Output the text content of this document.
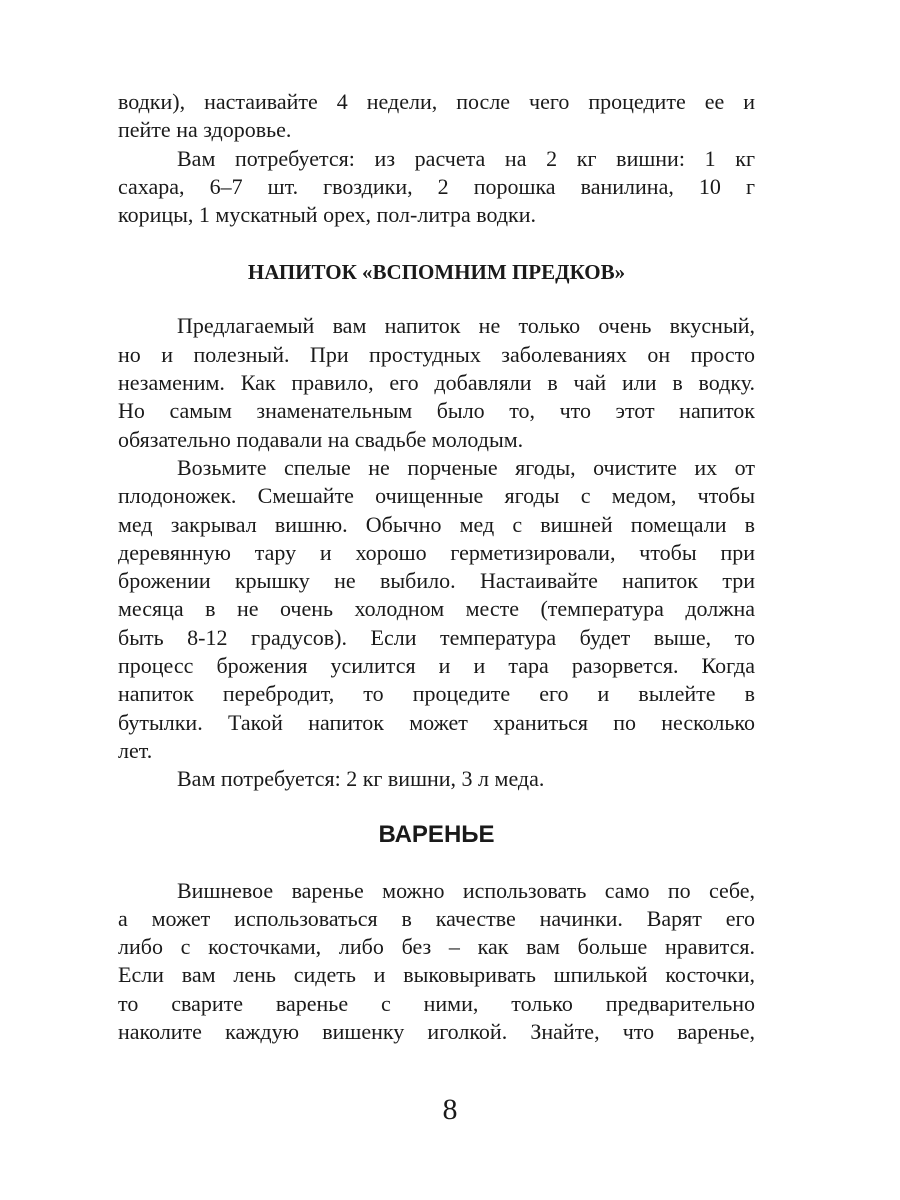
водки), настаивайте 4 недели, после чего процедите ее и
пейте на здоровье.
Вам потребуется: из расчета на 2 кг вишни: 1 кг
сахара, 6–7 шт. гвоздики, 2 порошка ванилина, 10 г
корицы, 1 мускатный орех, пол-литра водки.
НАПИТОК «ВСПОМНИМ ПРЕДКОВ»
Предлагаемый вам напиток не только очень вкусный,
но и полезный. При простудных заболеваниях он просто
незаменим. Как правило, его добавляли в чай или в водку.
Но самым знаменательным было то, что этот напиток
обязательно подавали на свадьбе молодым.
Возьмите спелые не порченые ягоды, очистите их от
плодоножек. Смешайте очищенные ягоды с медом, чтобы
мед закрывал вишню. Обычно мед с вишней помещали в
деревянную тару и хорошо герметизировали, чтобы при
брожении крышку не выбило. Настаивайте напиток три
месяца в не очень холодном месте (температура должна
быть 8-12 градусов). Если температура будет выше, то
процесс брожения усилится и и тара разорвется. Когда
напиток перебродит, то процедите его и вылейте в
бутылки. Такой напиток может храниться по несколько
лет.
Вам потребуется: 2 кг вишни, 3 л меда.
ВАРЕНЬЕ
Вишневое варенье можно использовать само по себе,
а может использоваться в качестве начинки. Варят его
либо с косточками, либо без – как вам больше нравится.
Если вам лень сидеть и выковыривать шпилькой косточки,
то сварите варенье с ними, только предварительно
наколите каждую вишенку иголкой. Знайте, что варенье,
8
